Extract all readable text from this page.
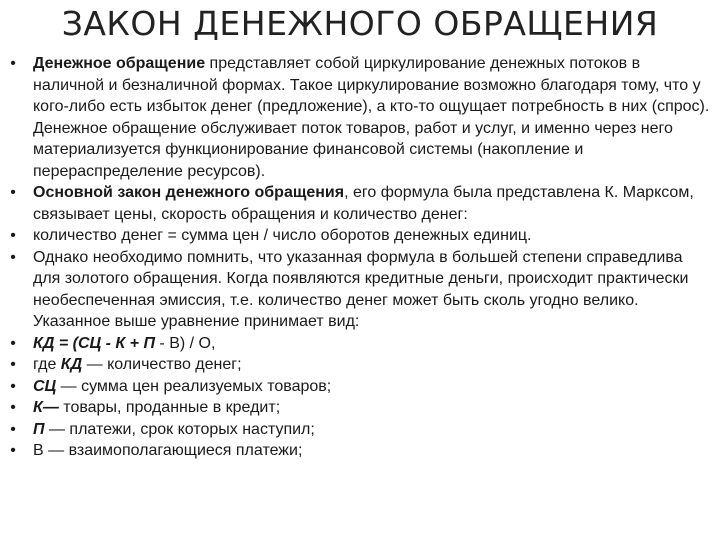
ЗАКОН ДЕНЕЖНОГО ОБРАЩЕНИЯ
• Денежное обращение представляет собой циркулирование денежных потоков в наличной и безналичной формах. Такое циркулирование возможно благодаря тому, что у кого-либо есть избыток денег (предложение), а кто-то ощущает потребность в них (спрос). Денежное обращение обслуживает поток товаров, работ и услуг, и именно через него материализуется функционирование финансовой системы (накопление и перераспределение ресурсов).
• Основной закон денежного обращения, его формула была представлена К. Марксом, связывает цены, скорость обращения и количество денег:
• количество денег = сумма цен / число оборотов денежных единиц.
• Однако необходимо помнить, что указанная формула в большей степени справедлива для золотого обращения. Когда появляются кредитные деньги, происходит практически необеспеченная эмиссия, т.е. количество денег может быть сколь угодно велико. Указанное выше уравнение принимает вид:
• КД = (СЦ - К + П - В) / О,
• где КД — количество денег;
• СЦ — сумма цен реализуемых товаров;
• К— товары, проданные в кредит;
• П — платежи, срок которых наступил;
• В — взаимополагающиеся платежи;
